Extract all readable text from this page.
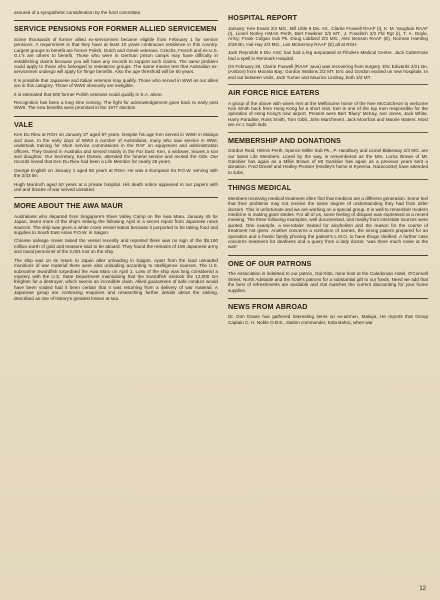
assured of a sympathetic consideration by the fund committee.

SERVICE PENSIONS FOR FORMER ALLIED SERVICEMEN

Some thousands of former allied ex-servicemen became eligible from February 1 for service pensions. A requirement is that they have at least 10 years continuous residence in this country. Largest groups to benefit are former Polish, Dutch and Greek veterans. Czechs, French and ex-U.S. G.I.'s are others to benefit. Those who were in German prison camps may have difficulty in establishing claims because you will have any records to support such claims. The same problem could apply to those who belonged to resistance groups. The same means test that Australian ex-servicemen undergo will apply for fringe benefits. Also the age threshold will be 60 years.

It is possible that Japanese and Italian veterans may qualify. Those who served in WWI as our allies are in this category. Those of WWII obviously are ineligible.

It is estimated that 500 former Polish veterans could qualify in S.A. alone.

Recognition has been a long time coming. The fight for acknowledgement goes back to early post WWII. The new benefits were promised in the 1977 election.

VALE

Ken Du Rieu at RGH on January 27 aged 87 years. Despite his age Ken served in WWII in Malaya and Java. In the early days of WWII a number of Australians, many who saw service in WWI, undertook training for short service commissions in the RAF on equipment and administration officers. They trained in Australia and served mainly in the Far East. Ken, a widower, leaves a son and daughter. Our Secretary, Ken Darwin, attended the funeral service and recited the Ode. Our records reveal that Ken Du Rieu had been a Life Member for nearly 25 years.

George English on January 1 aged 60 years at RGH. He was a European Ex.P.O.W. serving with the 2/43 Bn.

Hugh Murdoch aged 60 years at a private hospital. His death notice appeared in our papers with unit and theatre of war served unstated.

MORE ABOUT THE AWA MAUR

Australians who departed from Singapore's River Valley Camp on the Awa Maru, January 45 for Japan, learnt more of the ship's sinking the following April in a secret report from Japanese news sources. The ship was given a white cross vessel status because it purported to be taking food and supplies to South East Asian P.O.W. in Saigon.

Chinese salvage crews raised the vessel recently and reported there was no sign of the $8,100 million worth of gold and treasure said to be aboard. They found the remains of 158 Japanese army and naval personnel of the 2,001 lost on the ship.

The ship was on its return to Japan after unloading in Saigon. Apart from the load unloaded munitions of war material there were also unloading according to Intelligence sources. The U.S. submarine Swordfish torpedoed the Awa Maru on April 1. Loss of the ship was long considered a mystery with the U.S. State Department maintaining that the Swordfish mistook the 12,000 ton freighter for a destroyer, which seems an incredible claim. Allied guarantees of safe conduct would have been voided had it been certain that it was returning from a delivery of war material. A Japanese group are continuing enquiries and researching further details about the sinking, described as one of history's greatest losses at sea.

HOSPITAL REPORT

January: Ken Evans 2/4 MG., Bill Little 8 Div. Art., Clarrie Foxwell RAAF (I), K. M. Vaughan RAAF (I), Lionel Norley HMAS Perth, Bert Fawkner 2/2 MT., J. Fowditch 2/2 Fld Rgt (I), T. A. Doyle, Army; Frank Colgan Sub Pk. Doug Liddiard 2/3 MG., Alec Benson RAAF (E), Norman Hamling 2/29 Bn, Hal Hay 2/3 MG., Les McInerney RAAF (E) all at RGH.

Jack Reynolds 6 Div. ASC has had a leg amputated at Flinders Medical Centre. Jack Cattermole had a spell in Renmark Hospital.

On February 26, Clarrie Foxwell (RAAF Java) was recovering from surgery. Eric Edwards 2/21 Bn. (Ambon) from Moonta Bay; Gordon Watkins 2/2 MT. Eric and Gordon excited us new hospitals. In and out between visits, Jack Turner and Maurice Lindsay, both 2/2 MT.

AIR FORCE RICE EATERS

A group of the above with wives met at the Melbourne home of the Nee McCutcheon to welcome Ken Smith back from Hong Kong for a short visit. Ken is one of the top men responsible for the operation of Hong Kong's new airport. Present were Bert 'Bluey' McKay, Ivor Jones, Jack White, Harry Paradise, Russ Smith, Tom Gibb, John Marchment, Jack Moorfoot and Maurie Waters. Most are ex 1 Sqdn lads.

MEMBERSHIP AND DONATIONS

Gordon Reid, HMAS Perth, Spence Miller Sub Pk., P. Handbury and Lionel Blakeway 2/3 MG. are our latest Life Members. Lionel by the way, is remembered as the Mrs. Lorna Brown of Mt. Gambier has again as a Millie Brown of Mt Gambier has again as a previous years sent a donation. Fred Drexel and Hedley Prosser (Hedley's home is Kyeema, Naracoorte) have attended to subs.

THINGS MEDICAL

Members receiving medical treatment often find that medicos are a different generation. Some feel that their problems may not receive the same degree of understanding they had from older doctors. This is unfortunate and we are working on a special group. It is well to remember modern medicine is making giant strides. For all of us, some feeling of disquiet was expressed at a recent meeting. The three following examples, well documented, and mainly from interstate sources were quoted. One example, a tee-totaler treated for alcoholism and the reason for the course of treatment not given. Another concerns a confusion of names, the wrong patient prepared for an operation and a frantic family phoning the patient's L.M.O. to have things clarified. A further case concerns treatment for deafness and a query from a lady doctor, 'was there much noise at the war!'

ONE OF OUR PATRONS

The Association is indebted to our patron, Gal Kitto, mine host at the Caledonian Hotel, O'Connell Street, North Adelaide and the hotel's patrons for a substantial gift to our funds. Need we add that the best of refreshments are available and Gal matches the current discounting for your home supplies.

NEWS FROM ABROAD

Dr. Don Dowie has gathered interesting items on ex-airmen, Malaya. He reports that Group Captain C. H. Noble O.B.E., station commander, Kota Bahru, when war

12
